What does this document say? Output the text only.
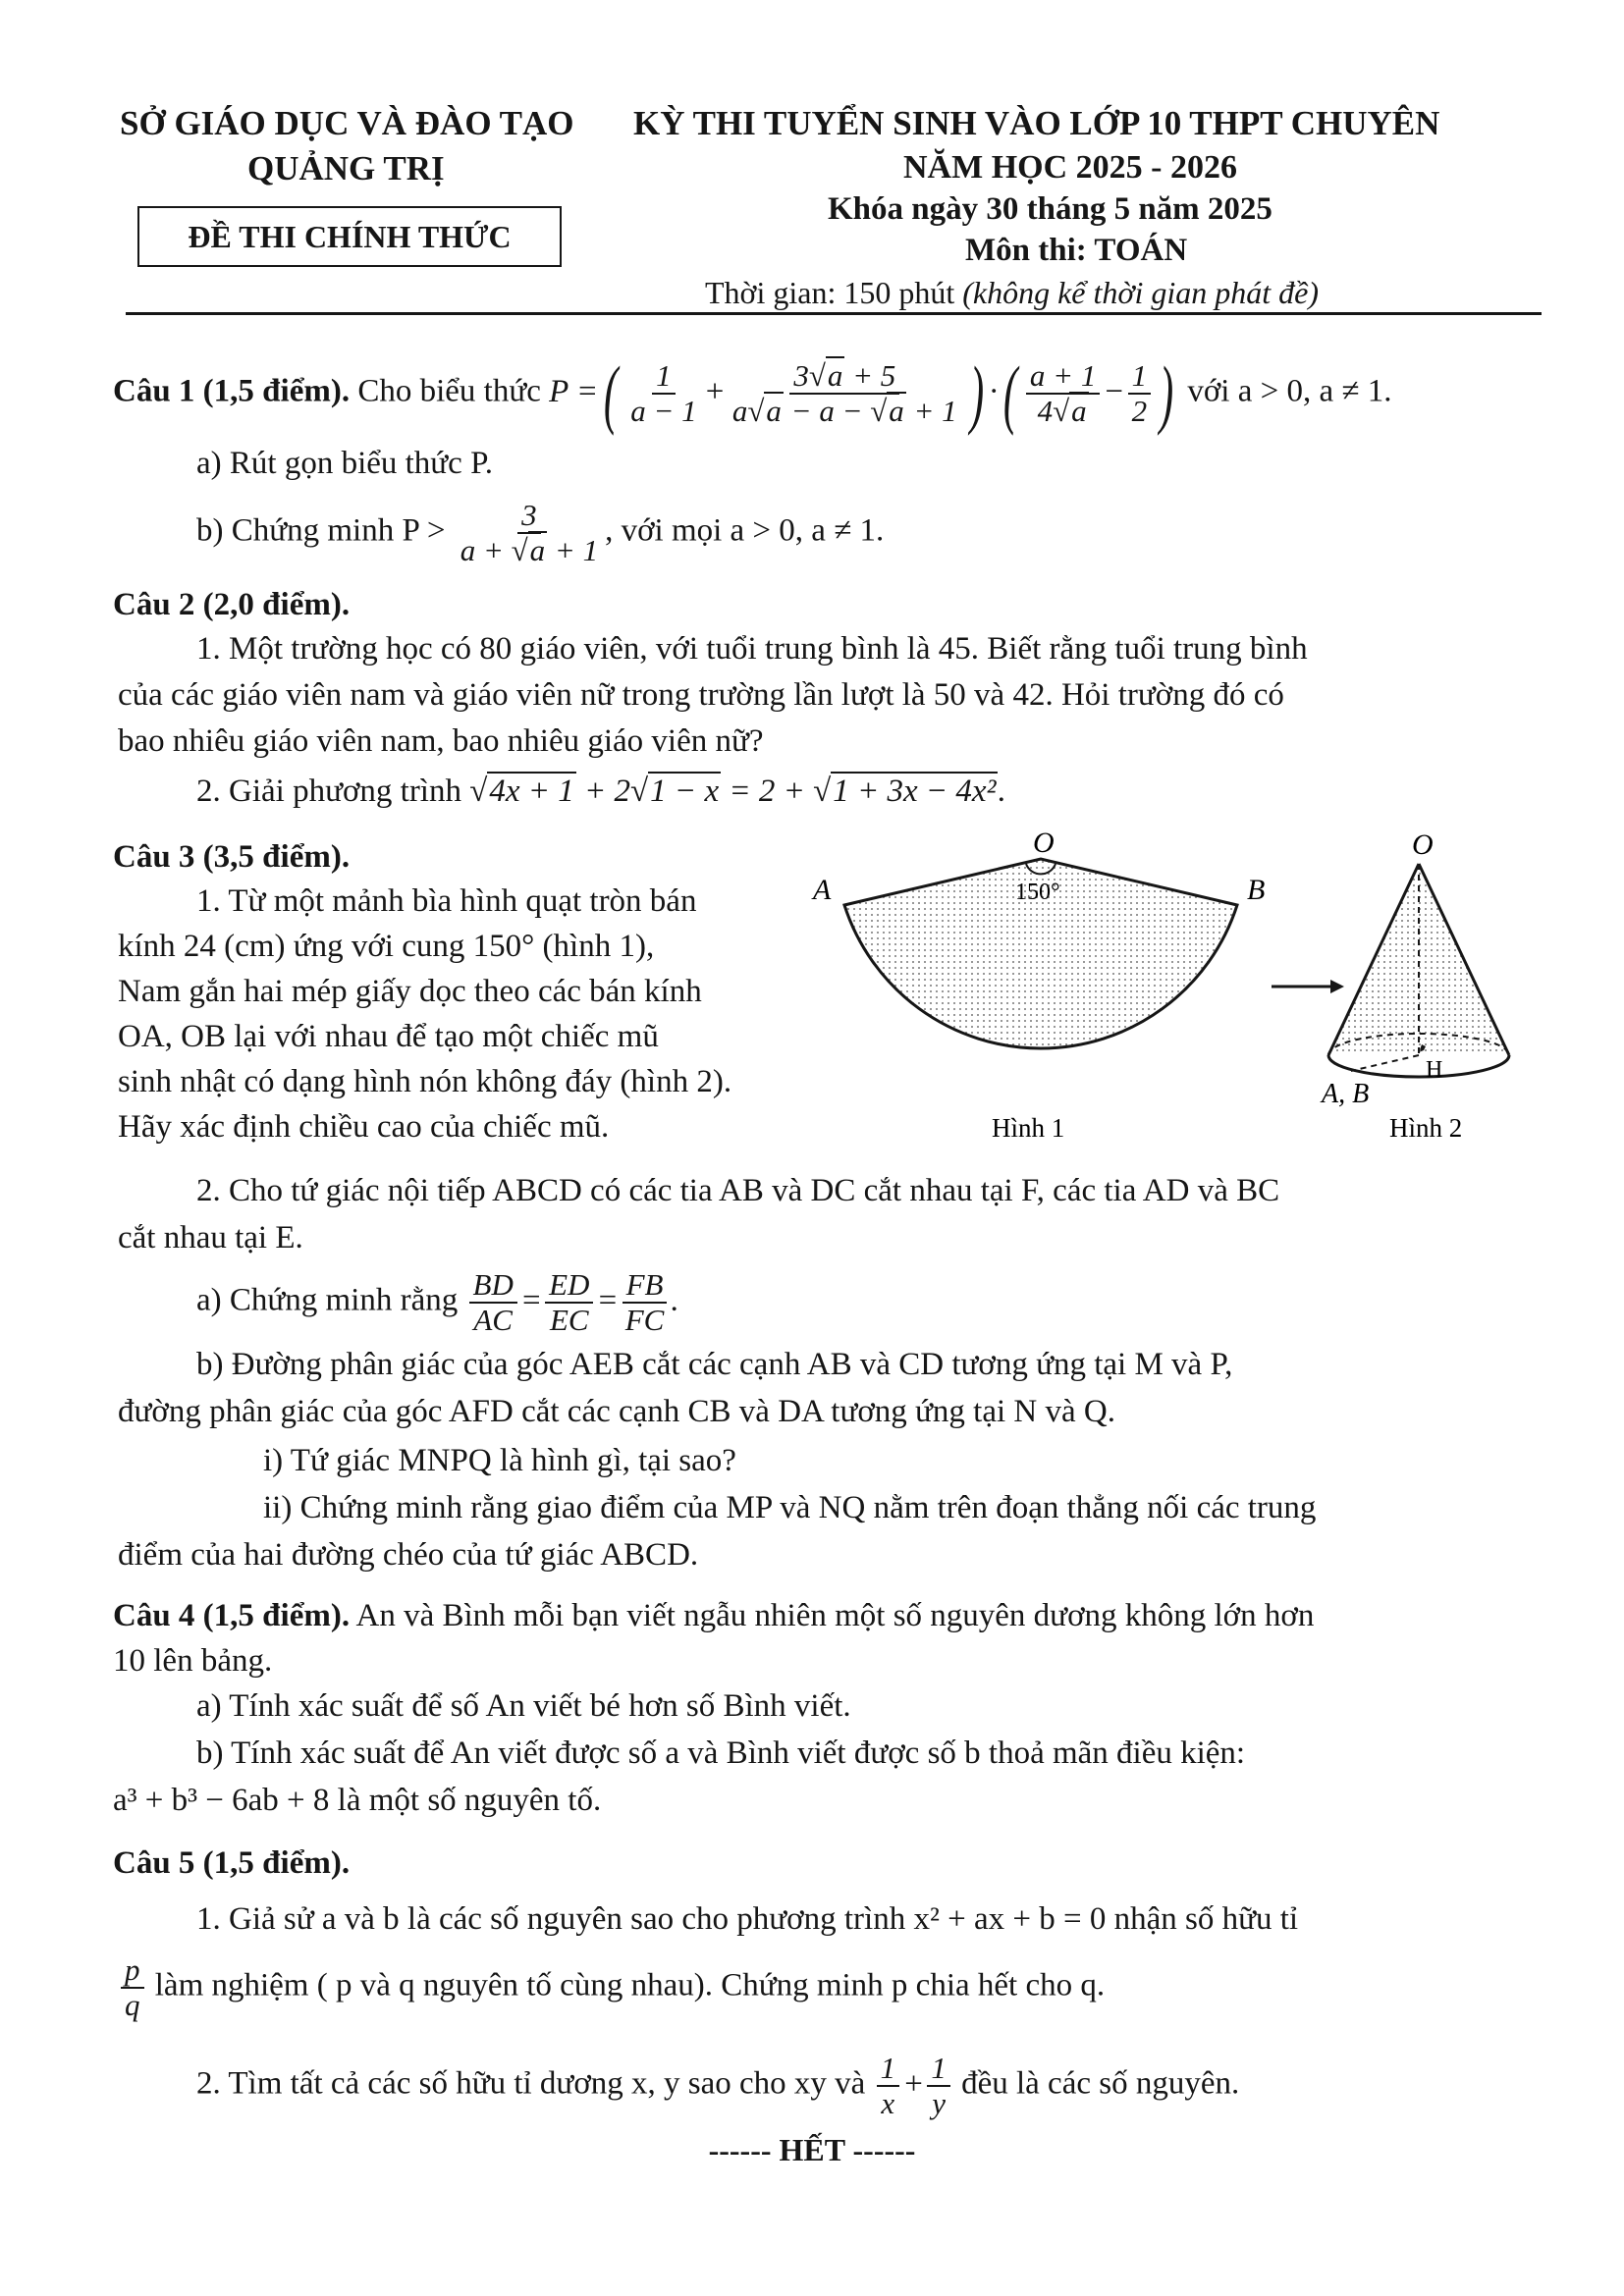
SỞ GIÁO DỤC VÀ ĐÀO TẠO
QUẢNG TRỊ
ĐỀ THI CHÍNH THỨC
KỲ THI TUYỂN SINH VÀO LỚP 10 THPT CHUYÊN
NĂM HỌC 2025 - 2026
Khóa ngày 30 tháng 5 năm 2025
Môn thi: TOÁN
Thời gian: 150 phút (không kể thời gian phát đề)
Câu 1 (1,5 điểm). Cho biểu thức P =( $\frac{1}{a - 1} + \frac{3√a + 5}{a√a - a - √a + 1}$ ) ·( $\frac{a + 1}{4√a} - \frac{1}{2}$ ) với a > 0, a ≠ 1.
a) Rút gọn biểu thức P.
b) Chứng minh $P > \frac{3}{a + √a + 1}$ , với mọi a > 0, a ≠ 1.
Câu 2 (2,0 điểm).
1. Một trường học có 80 giáo viên, với tuổi trung bình là 45. Biết rằng tuổi trung bình
của các giáo viên nam và giáo viên nữ trong trường lần lượt là 50 và 42. Hỏi trường đó có
bao nhiêu giáo viên nam, bao nhiêu giáo viên nữ?
2. Giải phương trình √4x + 1 + 2√1 − x = 2 + √1 + 3x − 4x².
Câu 3 (3,5 điểm).
1. Từ một mảnh bìa hình quạt tròn bán
kính 24 (cm) ứng với cung 150° (hình 1),
Nam gắn hai mép giấy dọc theo các bán kính
OA, OB lại với nhau để tạo một chiếc mũ
sinh nhật có dạng hình nón không đáy (hình 2).
Hãy xác định chiều cao của chiếc mũ.
O
A	B
150°
Hình 1
O
H
A, B
Hình 2
2. Cho tứ giác nội tiếp ABCD có các tia AB và DC cắt nhau tại F, các tia AD và BC
cắt nhau tại E.
a) Chứng minh rằng $\frac{BD}{AC} = \frac{ED}{EC} = \frac{FB}{FC}$ .
b) Đường phân giác của góc AEB cắt các cạnh AB và CD tương ứng tại M và P,
đường phân giác của góc AFD cắt các cạnh CB và DA tương ứng tại N và Q.
i) Tứ giác MNPQ là hình gì, tại sao?
ii) Chứng minh rằng giao điểm của MP và NQ nằm trên đoạn thẳng nối các trung
điểm của hai đường chéo của tứ giác ABCD.
Câu 4 (1,5 điểm). An và Bình mỗi bạn viết ngẫu nhiên một số nguyên dương không lớn hơn
10 lên bảng.
a) Tính xác suất để số An viết bé hơn số Bình viết.
b) Tính xác suất để An viết được số a và Bình viết được số b thoả mãn điều kiện:
a³ + b³ − 6ab + 8 là một số nguyên tố.
Câu 5 (1,5 điểm).
1. Giả sử a và b là các số nguyên sao cho phương trình x² + ax + b = 0 nhận số hữu tỉ
$\frac{p}{q}$ làm nghiệm ( p và q nguyên tố cùng nhau). Chứng minh p chia hết cho q.
2. Tìm tất cả các số hữu tỉ dương x, y sao cho xy và $\frac{1}{x} + \frac{1}{y}$ đều là các số nguyên.
------ HẾT ------
